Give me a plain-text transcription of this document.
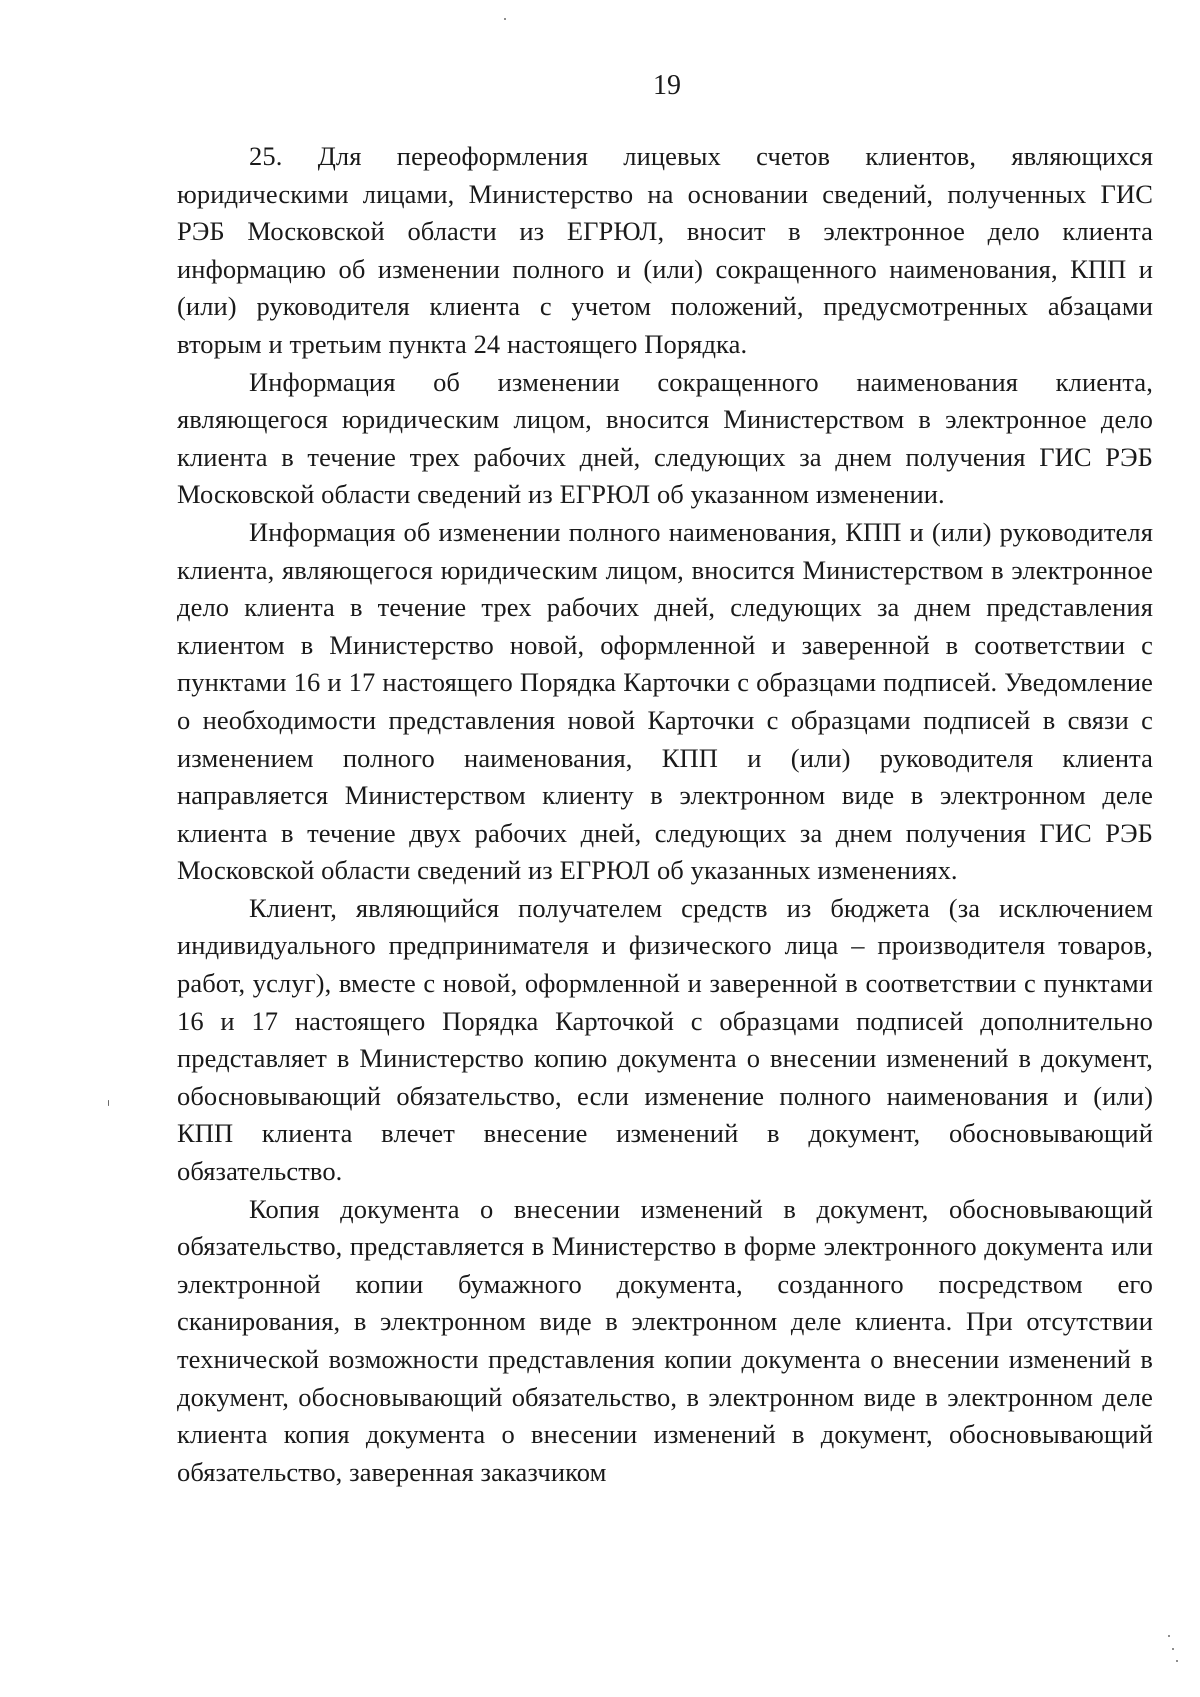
19

25. Для переоформления лицевых счетов клиентов, являющихся юридическими лицами, Министерство на основании сведений, полученных ГИС РЭБ Московской области из ЕГРЮЛ, вносит в электронное дело клиента информацию об изменении полного и (или) сокращенного наименования, КПП и (или) руководителя клиента с учетом положений, предусмотренных абзацами вторым и третьим пункта 24 настоящего Порядка.

Информация об изменении сокращенного наименования клиента, являющегося юридическим лицом, вносится Министерством в электронное дело клиента в течение трех рабочих дней, следующих за днем получения ГИС РЭБ Московской области сведений из ЕГРЮЛ об указанном изменении.

Информация об изменении полного наименования, КПП и (или) руководителя клиента, являющегося юридическим лицом, вносится Министерством в электронное дело клиента в течение трех рабочих дней, следующих за днем представления клиентом в Министерство новой, оформленной и заверенной в соответствии с пунктами 16 и 17 настоящего Порядка Карточки с образцами подписей. Уведомление о необходимости представления новой Карточки с образцами подписей в связи с изменением полного наименования, КПП и (или) руководителя клиента направляется Министерством клиенту в электронном виде в электронном деле клиента в течение двух рабочих дней, следующих за днем получения ГИС РЭБ Московской области сведений из ЕГРЮЛ об указанных изменениях.

Клиент, являющийся получателем средств из бюджета (за исключением индивидуального предпринимателя и физического лица – производителя товаров, работ, услуг), вместе с новой, оформленной и заверенной в соответствии с пунктами 16 и 17 настоящего Порядка Карточкой с образцами подписей дополнительно представляет в Министерство копию документа о внесении изменений в документ, обосновывающий обязательство, если изменение полного наименования и (или) КПП клиента влечет внесение изменений в документ, обосновывающий обязательство.

Копия документа о внесении изменений в документ, обосновывающий обязательство, представляется в Министерство в форме электронного документа или электронной копии бумажного документа, созданного посредством его сканирования, в электронном виде в электронном деле клиента. При отсутствии технической возможности представления копии документа о внесении изменений в документ, обосновывающий обязательство, в электронном виде в электронном деле клиента копия документа о внесении изменений в документ, обосновывающий обязательство, заверенная заказчиком
